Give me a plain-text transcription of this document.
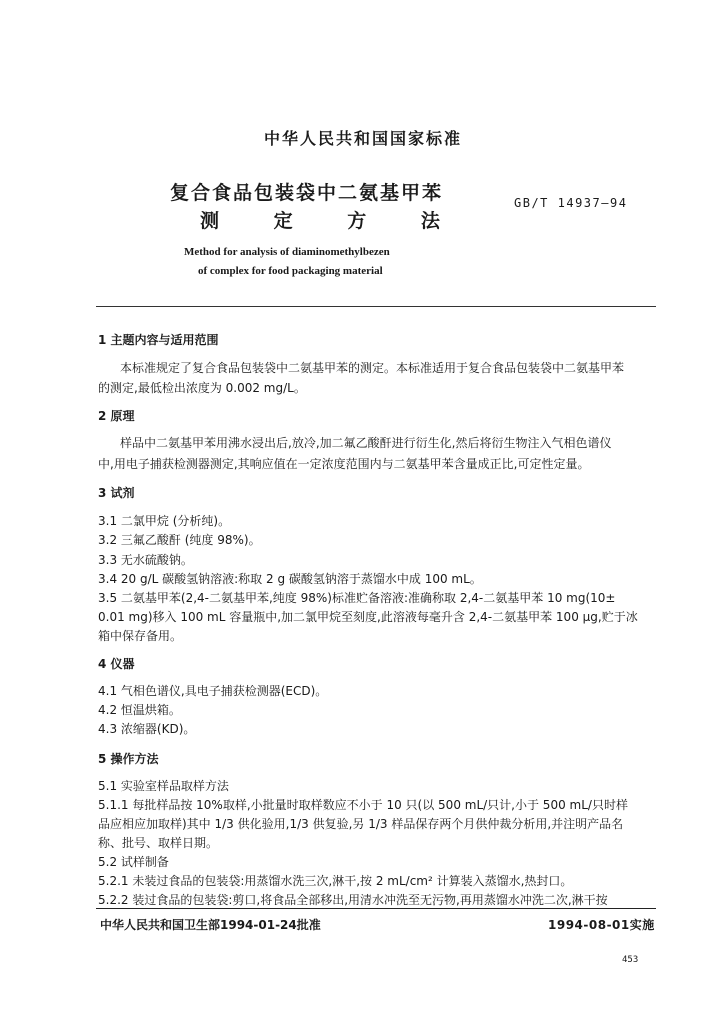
中华人民共和国国家标准
复合食品包装袋中二氨基甲苯
测 定 方 法
GB/T 14937—94
Method for analysis of diaminomethylbezen
of complex for food packaging material
1 主题内容与适用范围
本标准规定了复合食品包装袋中二氨基甲苯的测定。本标准适用于复合食品包装袋中二氨基甲苯
的测定,最低检出浓度为 0.002 mg/L。
2 原理
样品中二氨基甲苯用沸水浸出后,放冷,加二氟乙酸酐进行衍生化,然后将衍生物注入气相色谱仪
中,用电子捕获检测器测定,其响应值在一定浓度范围内与二氨基甲苯含量成正比,可定性定量。
3 试剂
3.1 二氯甲烷 (分析纯)。
3.2 三氟乙酸酐 (纯度 98%)。
3.3 无水硫酸钠。
3.4 20 g/L 碳酸氢钠溶液:称取 2 g 碳酸氢钠溶于蒸馏水中成 100 mL。
3.5 二氨基甲苯(2,4-二氨基甲苯,纯度 98%)标准贮备溶液:准确称取 2,4-二氨基甲苯 10 mg(10±
0.01 mg)移入 100 mL 容量瓶中,加二氯甲烷至刻度,此溶液每毫升含 2,4-二氨基甲苯 100 μg,贮于冰
箱中保存备用。
4 仪器
4.1 气相色谱仪,具电子捕获检测器(ECD)。
4.2 恒温烘箱。
4.3 浓缩器(KD)。
5 操作方法
5.1 实验室样品取样方法
5.1.1 每批样品按 10%取样,小批量时取样数应不小于 10 只(以 500 mL/只计,小于 500 mL/只时样
品应相应加取样)其中 1/3 供化验用,1/3 供复验,另 1/3 样品保存两个月供仲裁分析用,并注明产品名
称、批号、取样日期。
5.2 试样制备
5.2.1 未装过食品的包装袋:用蒸馏水洗三次,淋干,按 2 mL/cm² 计算装入蒸馏水,热封口。
5.2.2 装过食品的包装袋:剪口,将食品全部移出,用清水冲洗至无污物,再用蒸馏水冲洗二次,淋干按
中华人民共和国卫生部1994-01-24批准	1994-08-01实施
453
